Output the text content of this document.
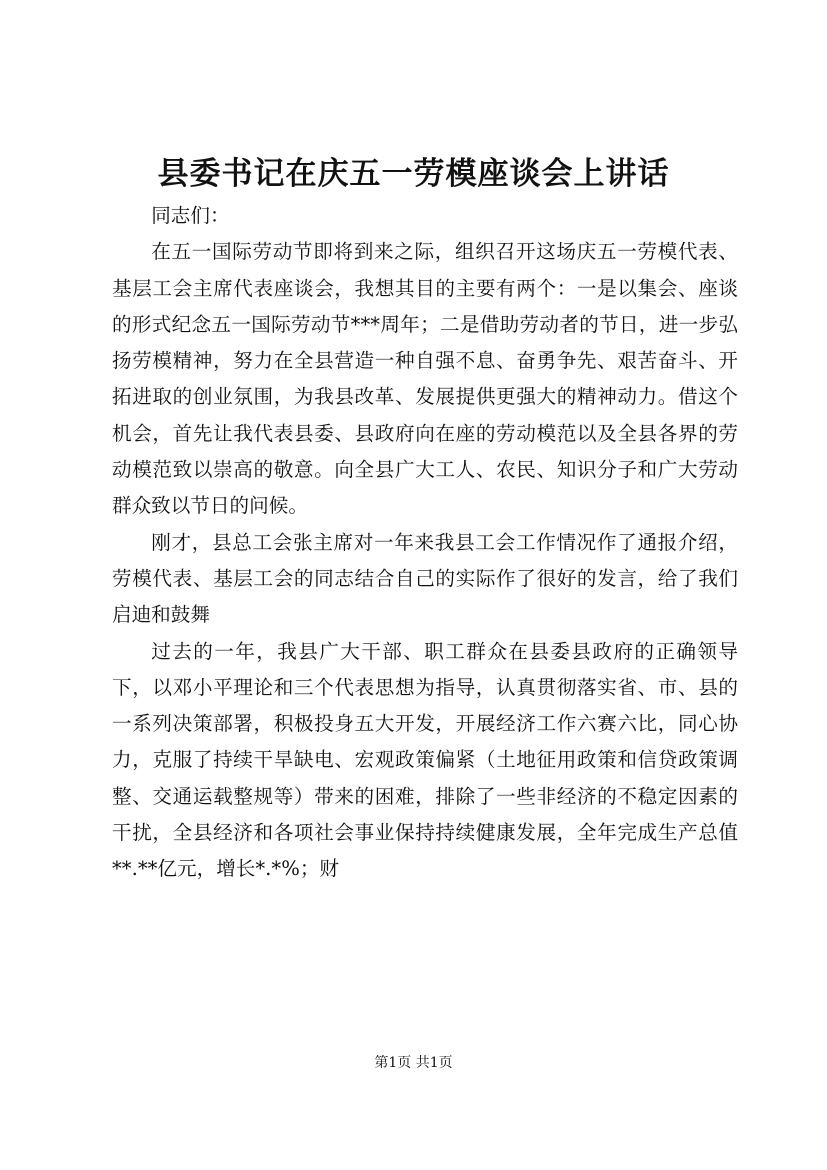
县委书记在庆五一劳模座谈会上讲话

同志们：

在五一国际劳动节即将到来之际，组织召开这场庆五一劳模代表、基层工会主席代表座谈会，我想其目的主要有两个：一是以集会、座谈的形式纪念五一国际劳动节***周年；二是借助劳动者的节日，进一步弘扬劳模精神，努力在全县营造一种自强不息、奋勇争先、艰苦奋斗、开拓进取的创业氛围，为我县改革、发展提供更强大的精神动力。借这个机会，首先让我代表县委、县政府向在座的劳动模范以及全县各界的劳动模范致以崇高的敬意。向全县广大工人、农民、知识分子和广大劳动群众致以节日的问候。

刚才，县总工会张主席对一年来我县工会工作情况作了通报介绍，劳模代表、基层工会的同志结合自己的实际作了很好的发言，给了我们启迪和鼓舞

过去的一年，我县广大干部、职工群众在县委县政府的正确领导下，以邓小平理论和三个代表思想为指导，认真贯彻落实省、市、县的一系列决策部署，积极投身五大开发，开展经济工作六赛六比，同心协力，克服了持续干旱缺电、宏观政策偏紧（土地征用政策和信贷政策调整、交通运载整规等）带来的困难，排除了一些非经济的不稳定因素的干扰，全县经济和各项社会事业保持持续健康发展，全年完成生产总值**.**亿元，增长*.*%；财

第1页 共1页
